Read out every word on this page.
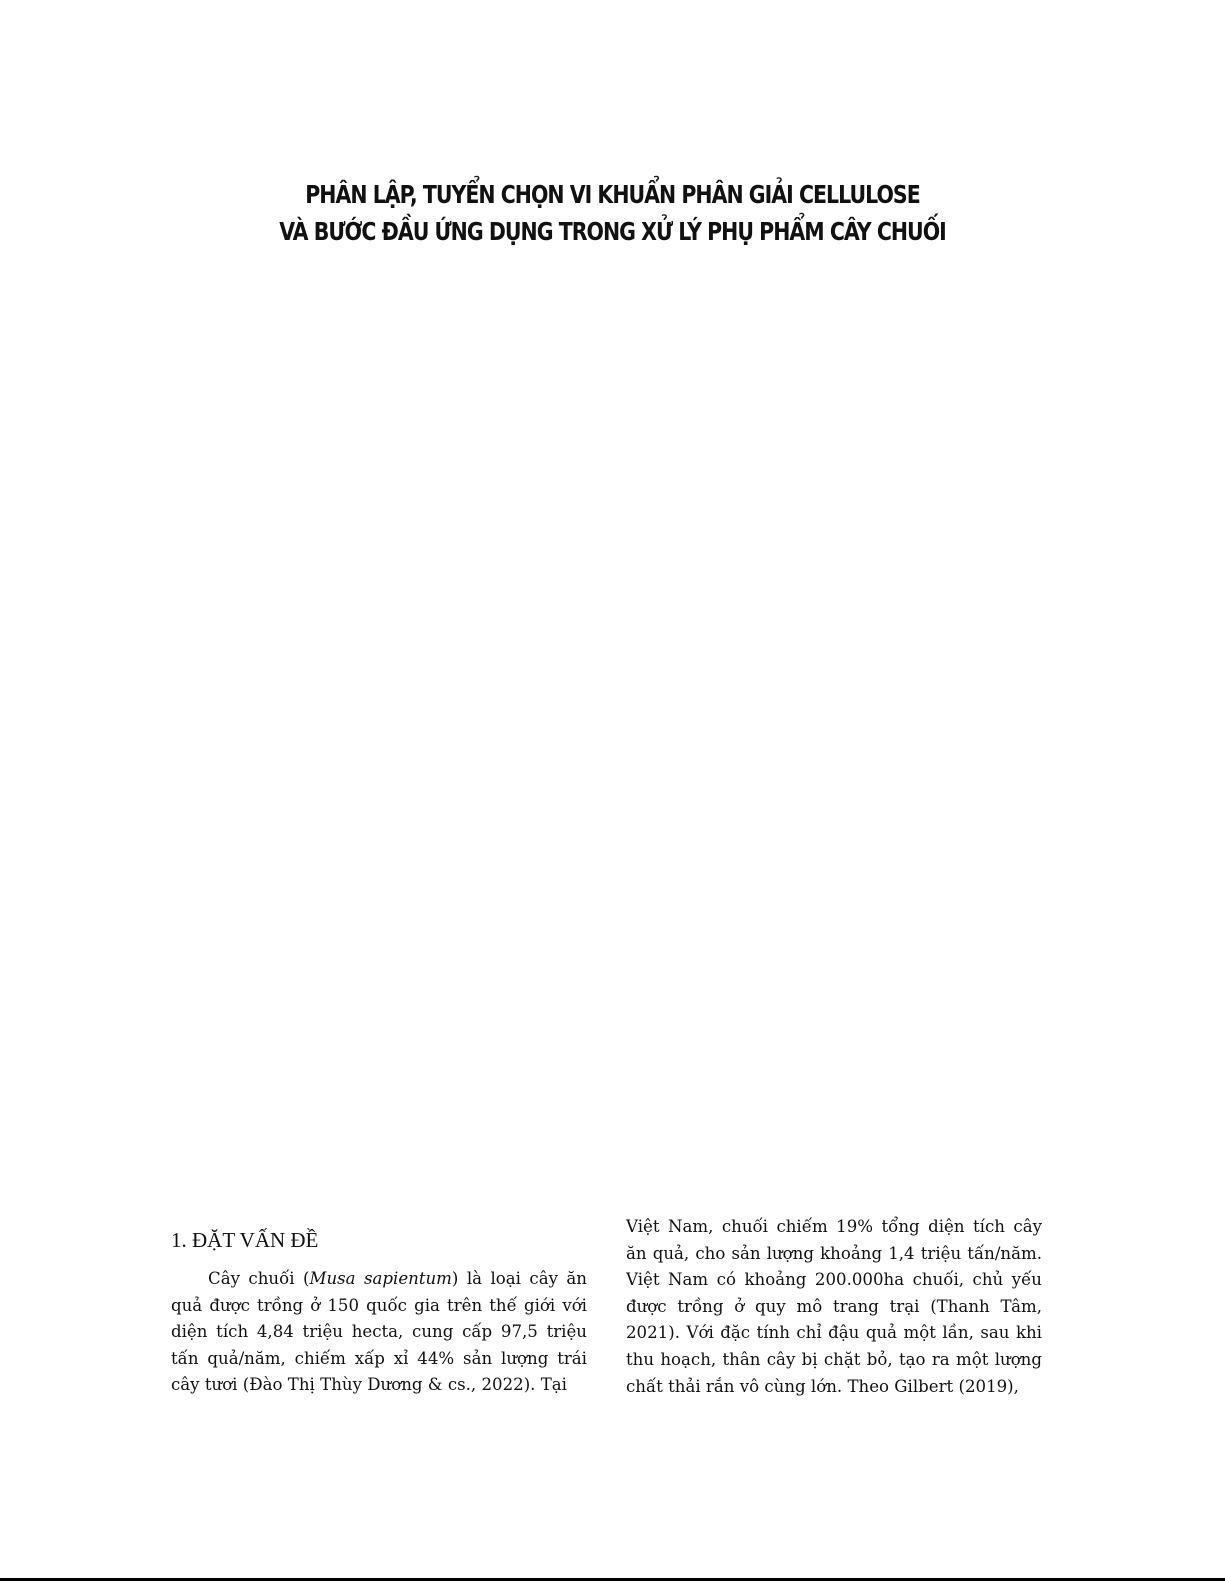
PHÂN LẬP, TUYỂN CHỌN VI KHUẨN PHÂN GIẢI CELLULOSE
VÀ BƯỚC ĐẦU ỨNG DỤNG TRONG XỬ LÝ PHỤ PHẨM CÂY CHUỐI
1. ĐẶT VẤN ĐỀ

Cây chuối (Musa sapientum) là loại cây ăn quả được trồng ở 150 quốc gia trên thế giới với diện tích 4,84 triệu hecta, cung cấp 97,5 triệu tấn quả/năm, chiếm xấp xỉ 44% sản lượng trái cây tươi (Đào Thị Thùy Dương & cs., 2022). Tại

Việt Nam, chuối chiếm 19% tổng diện tích cây ăn quả, cho sản lượng khoảng 1,4 triệu tấn/năm. Việt Nam có khoảng 200.000ha chuối, chủ yếu được trồng ở quy mô trang trại (Thanh Tâm, 2021). Với đặc tính chỉ đậu quả một lần, sau khi thu hoạch, thân cây bị chặt bỏ, tạo ra một lượng chất thải rắn vô cùng lớn. Theo Gilbert (2019),
